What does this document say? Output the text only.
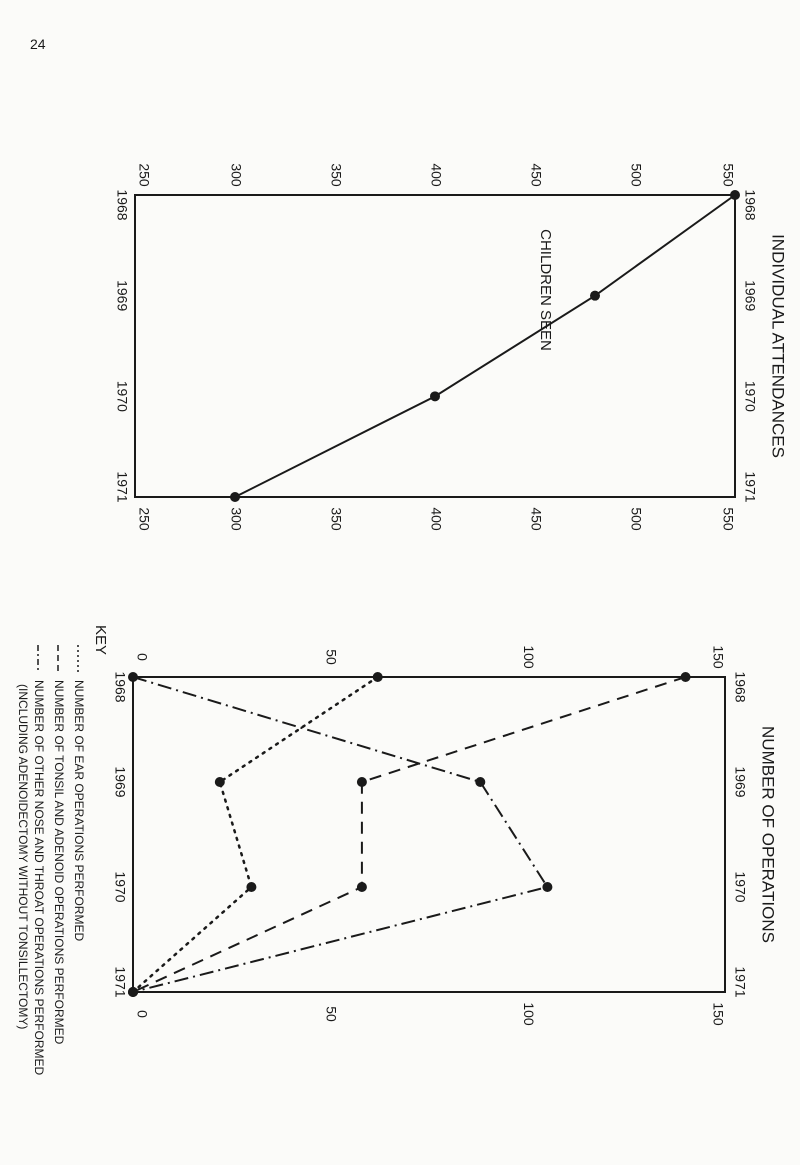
24
1968
1968
1969
1969
1970
1970
1971
1971
250
250
300
300
350
350
400
400
450
450
500
500
550
550
INDIVIDUAL ATTENDANCES
CHILDREN SEEN
1968
1968
1969
1969
1970
1970
1971
1971
0
0
50
50
100
100
150
150
NUMBER OF OPERATIONS
KEY
NUMBER OF EAR OPERATIONS PERFORMED
NUMBER OF TONSIL AND ADENOID OPERATIONS PERFORMED
NUMBER OF OTHER NOSE AND THROAT OPERATIONS PERFORMED
(INCLUDING ADENOIDECTOMY WITHOUT TONSILLECTOMY)
